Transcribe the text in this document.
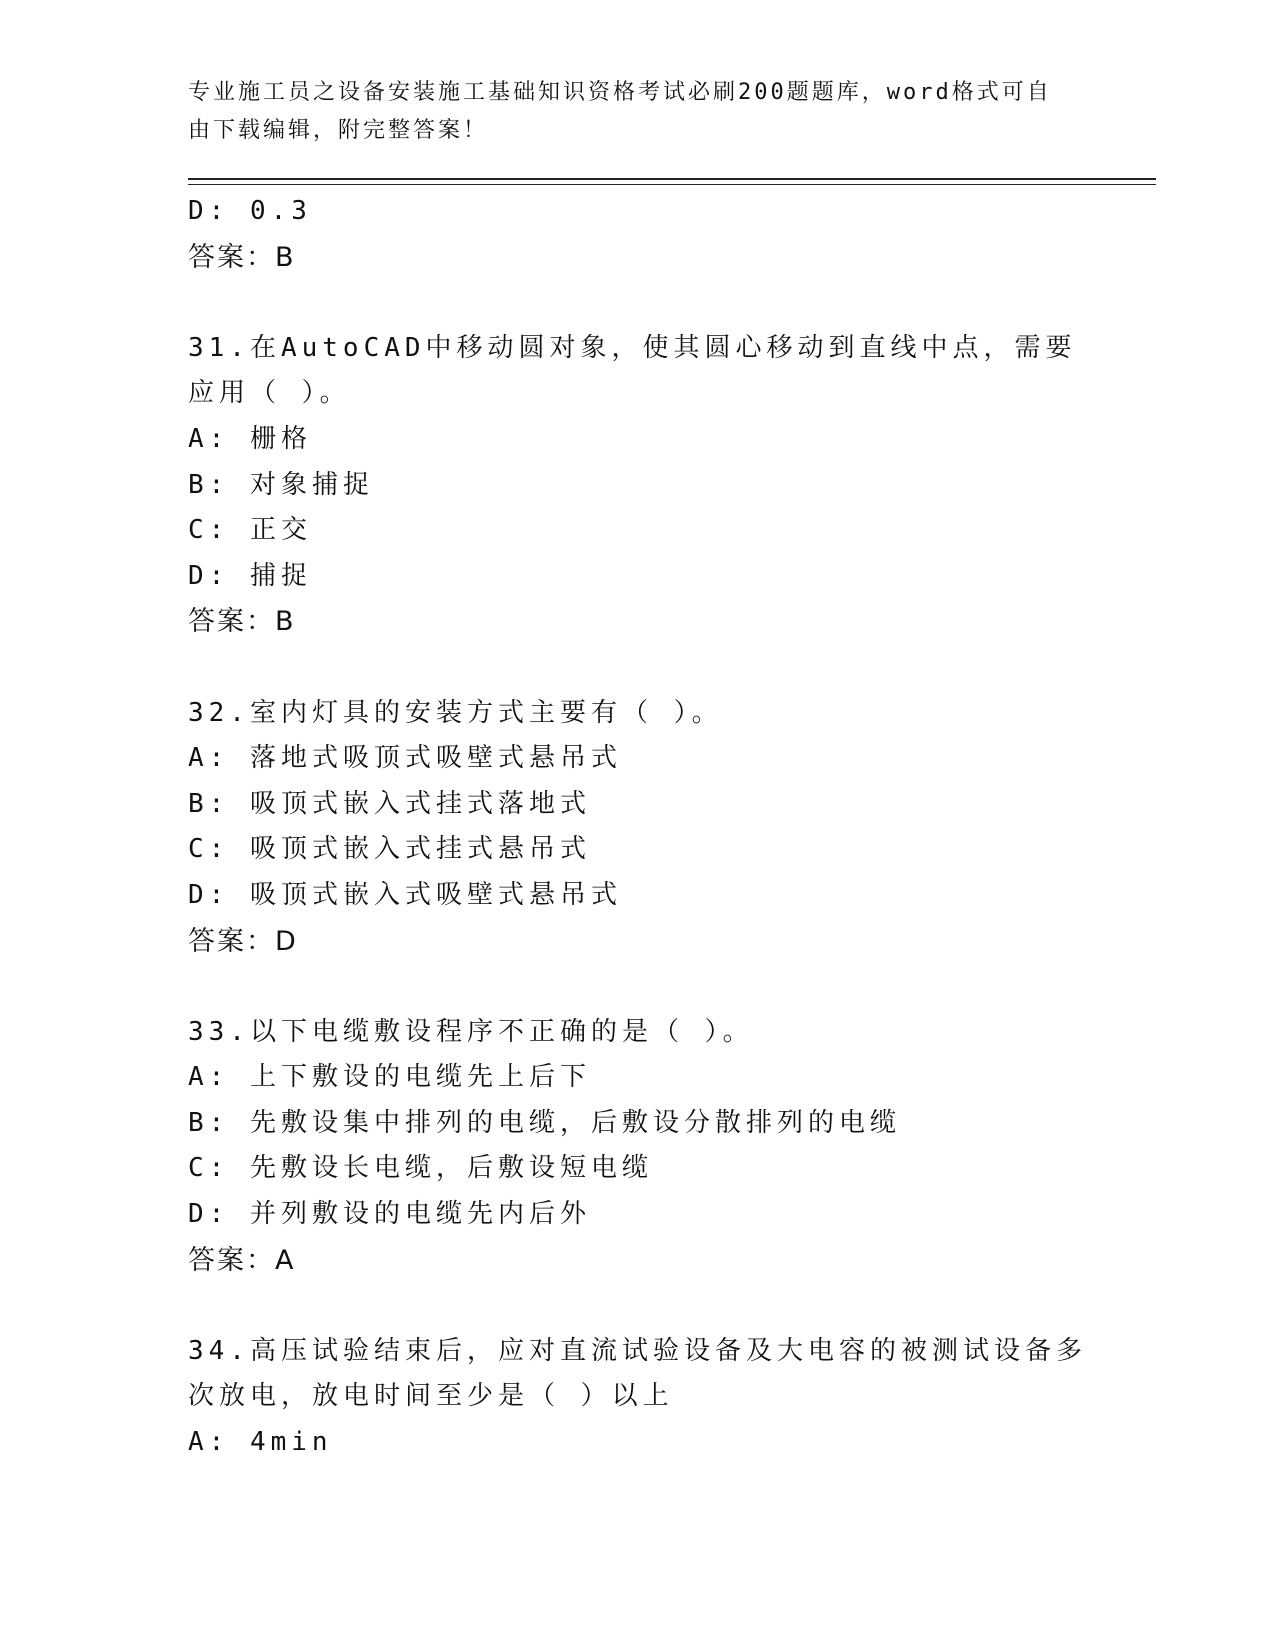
专业施工员之设备安装施工基础知识资格考试必刷200题题库，word格式可自由下载编辑，附完整答案！
D: 0.3
答案：B
31.在AutoCAD中移动圆对象，使其圆心移动到直线中点，需要应用（ ）。
A: 栅格
B: 对象捕捉
C: 正交
D: 捕捉
答案：B
32.室内灯具的安装方式主要有（ ）。
A: 落地式吸顶式吸壁式悬吊式
B: 吸顶式嵌入式挂式落地式
C: 吸顶式嵌入式挂式悬吊式
D: 吸顶式嵌入式吸壁式悬吊式
答案：D
33.以下电缆敷设程序不正确的是（ ）。
A: 上下敷设的电缆先上后下
B: 先敷设集中排列的电缆，后敷设分散排列的电缆
C: 先敷设长电缆，后敷设短电缆
D: 并列敷设的电缆先内后外
答案：A
34.高压试验结束后，应对直流试验设备及大电容的被测试设备多次放电，放电时间至少是（ ）以上
A: 4min
